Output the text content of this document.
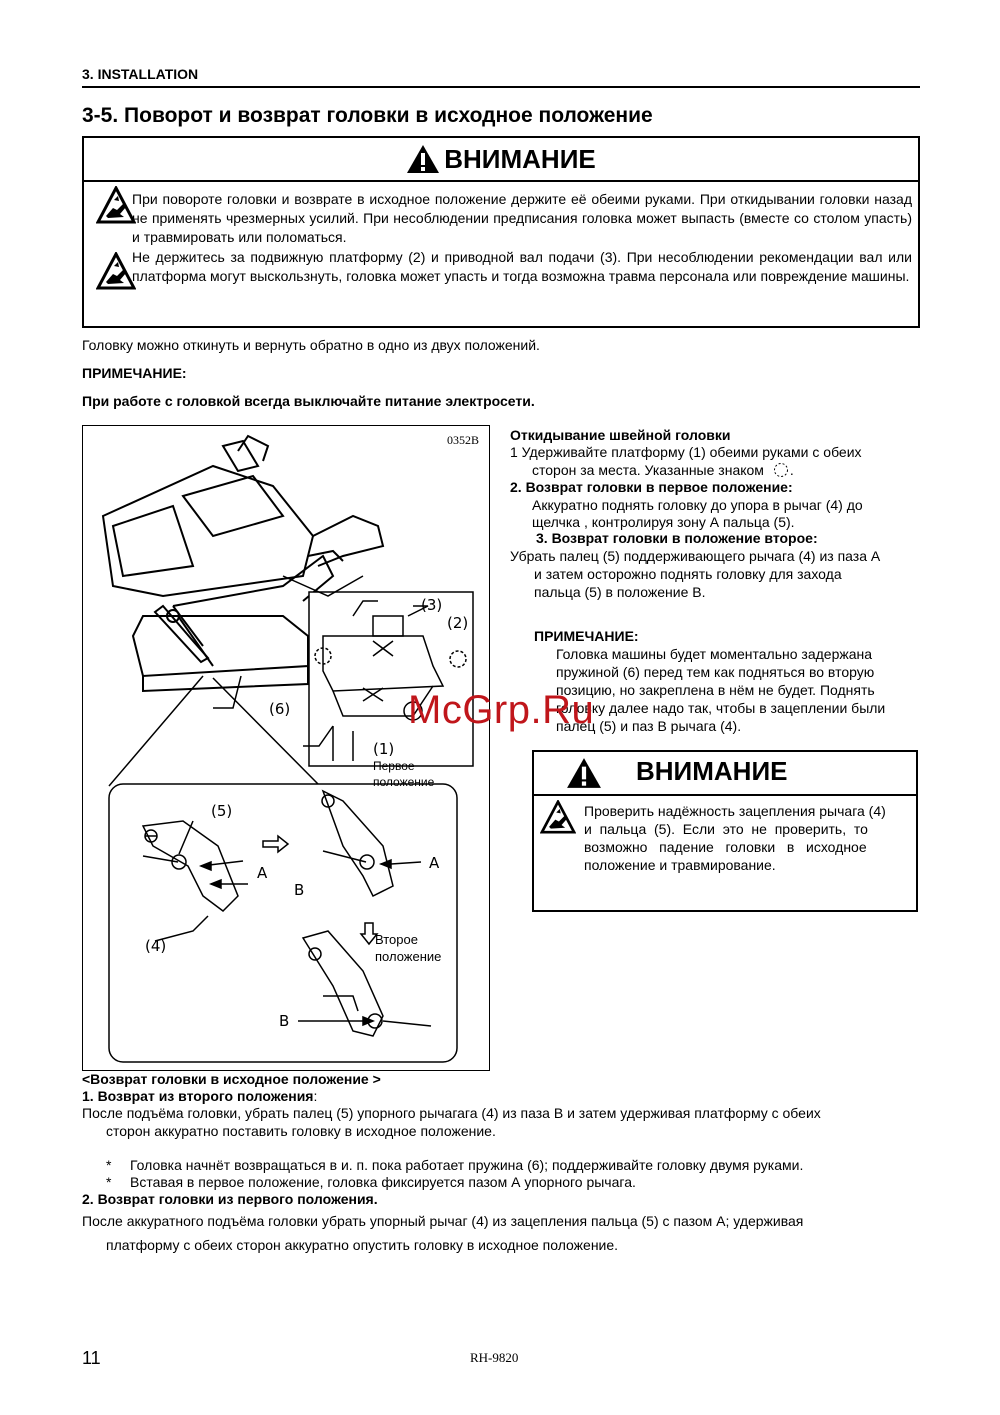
3. INSTALLATION
3-5. Поворот и возврат головки в исходное положение
ВНИМАНИЕ
При повороте головки и возврате в исходное положение держите её обеими руками. При откидывании головки назад не применять чрезмерных усилий. При несоблюдении предписания головка может выпасть (вместе со столом упасть) и травмировать или поломаться.
Не держитесь за подвижную платформу (2) и приводной вал подачи (3). При несоблюдении рекомендации вал или платформа могут выскользнуть, головка может упасть и тогда возможна травма персонала или повреждение машины.
Головку можно откинуть и вернуть обратно в одно из двух положений.
ПРИМЕЧАНИЕ:
При работе с головкой всегда выключайте питание электросети.
0352B
(3)
(2)
(6)
(1)
Первое
положение
(5)
A
B
A
(4)	Второе
положение
B
Откидывание швейной головки
1 Удерживайте платформу (1) обеими руками с обеих
сторон за места. Указанные знаком .
2. Возврат головки в первое положение:
Аккуратно поднять головку до упора в рычаг (4) до
щелчка , контролируя зону А пальца (5).
3. Возврат головки в положение второе:
Убрать палец (5) поддерживающего рычага (4) из паза А
и затем осторожно поднять головку для захода
пальца (5) в положение В.
ПРИМЕЧАНИЕ:
Головка машины будет моментально задержана
пружиной (6) перед тем как подняться во вторую
позицию, но закреплена в нём не будет. Поднять
головку далее надо так, чтобы в зацеплении были
палец (5) и паз В рычага (4).
McGrp.Ru
ВНИМАНИЕ
Проверить надёжность зацепления рычага (4)
и  пальца  (5).  Если  это  не  проверить,  то
возможно   падение   головки   в   исходное
положение и травмирование.
<Возврат головки в исходное положение >
1. Возврат из второго положения:
После подъёма головки, убрать палец (5) упорного рычагага (4) из паза В и затем удерживая платформу с обеих
сторон аккуратно поставить головку в исходное положение.
* Головка начнёт возвращаться в и. п. пока работает пружина (6); поддерживайте головку двумя руками.
* Вставая в первое положение, головка фиксируется пазом А упорного рычага.
2. Возврат головки из первого положения.
После аккуратного подъёма головки убрать упорный рычаг (4) из зацепления пальца (5) с пазом А; удерживая
платформу с обеих сторон аккуратно опустить головку в исходное положение.
11	RH-9820
